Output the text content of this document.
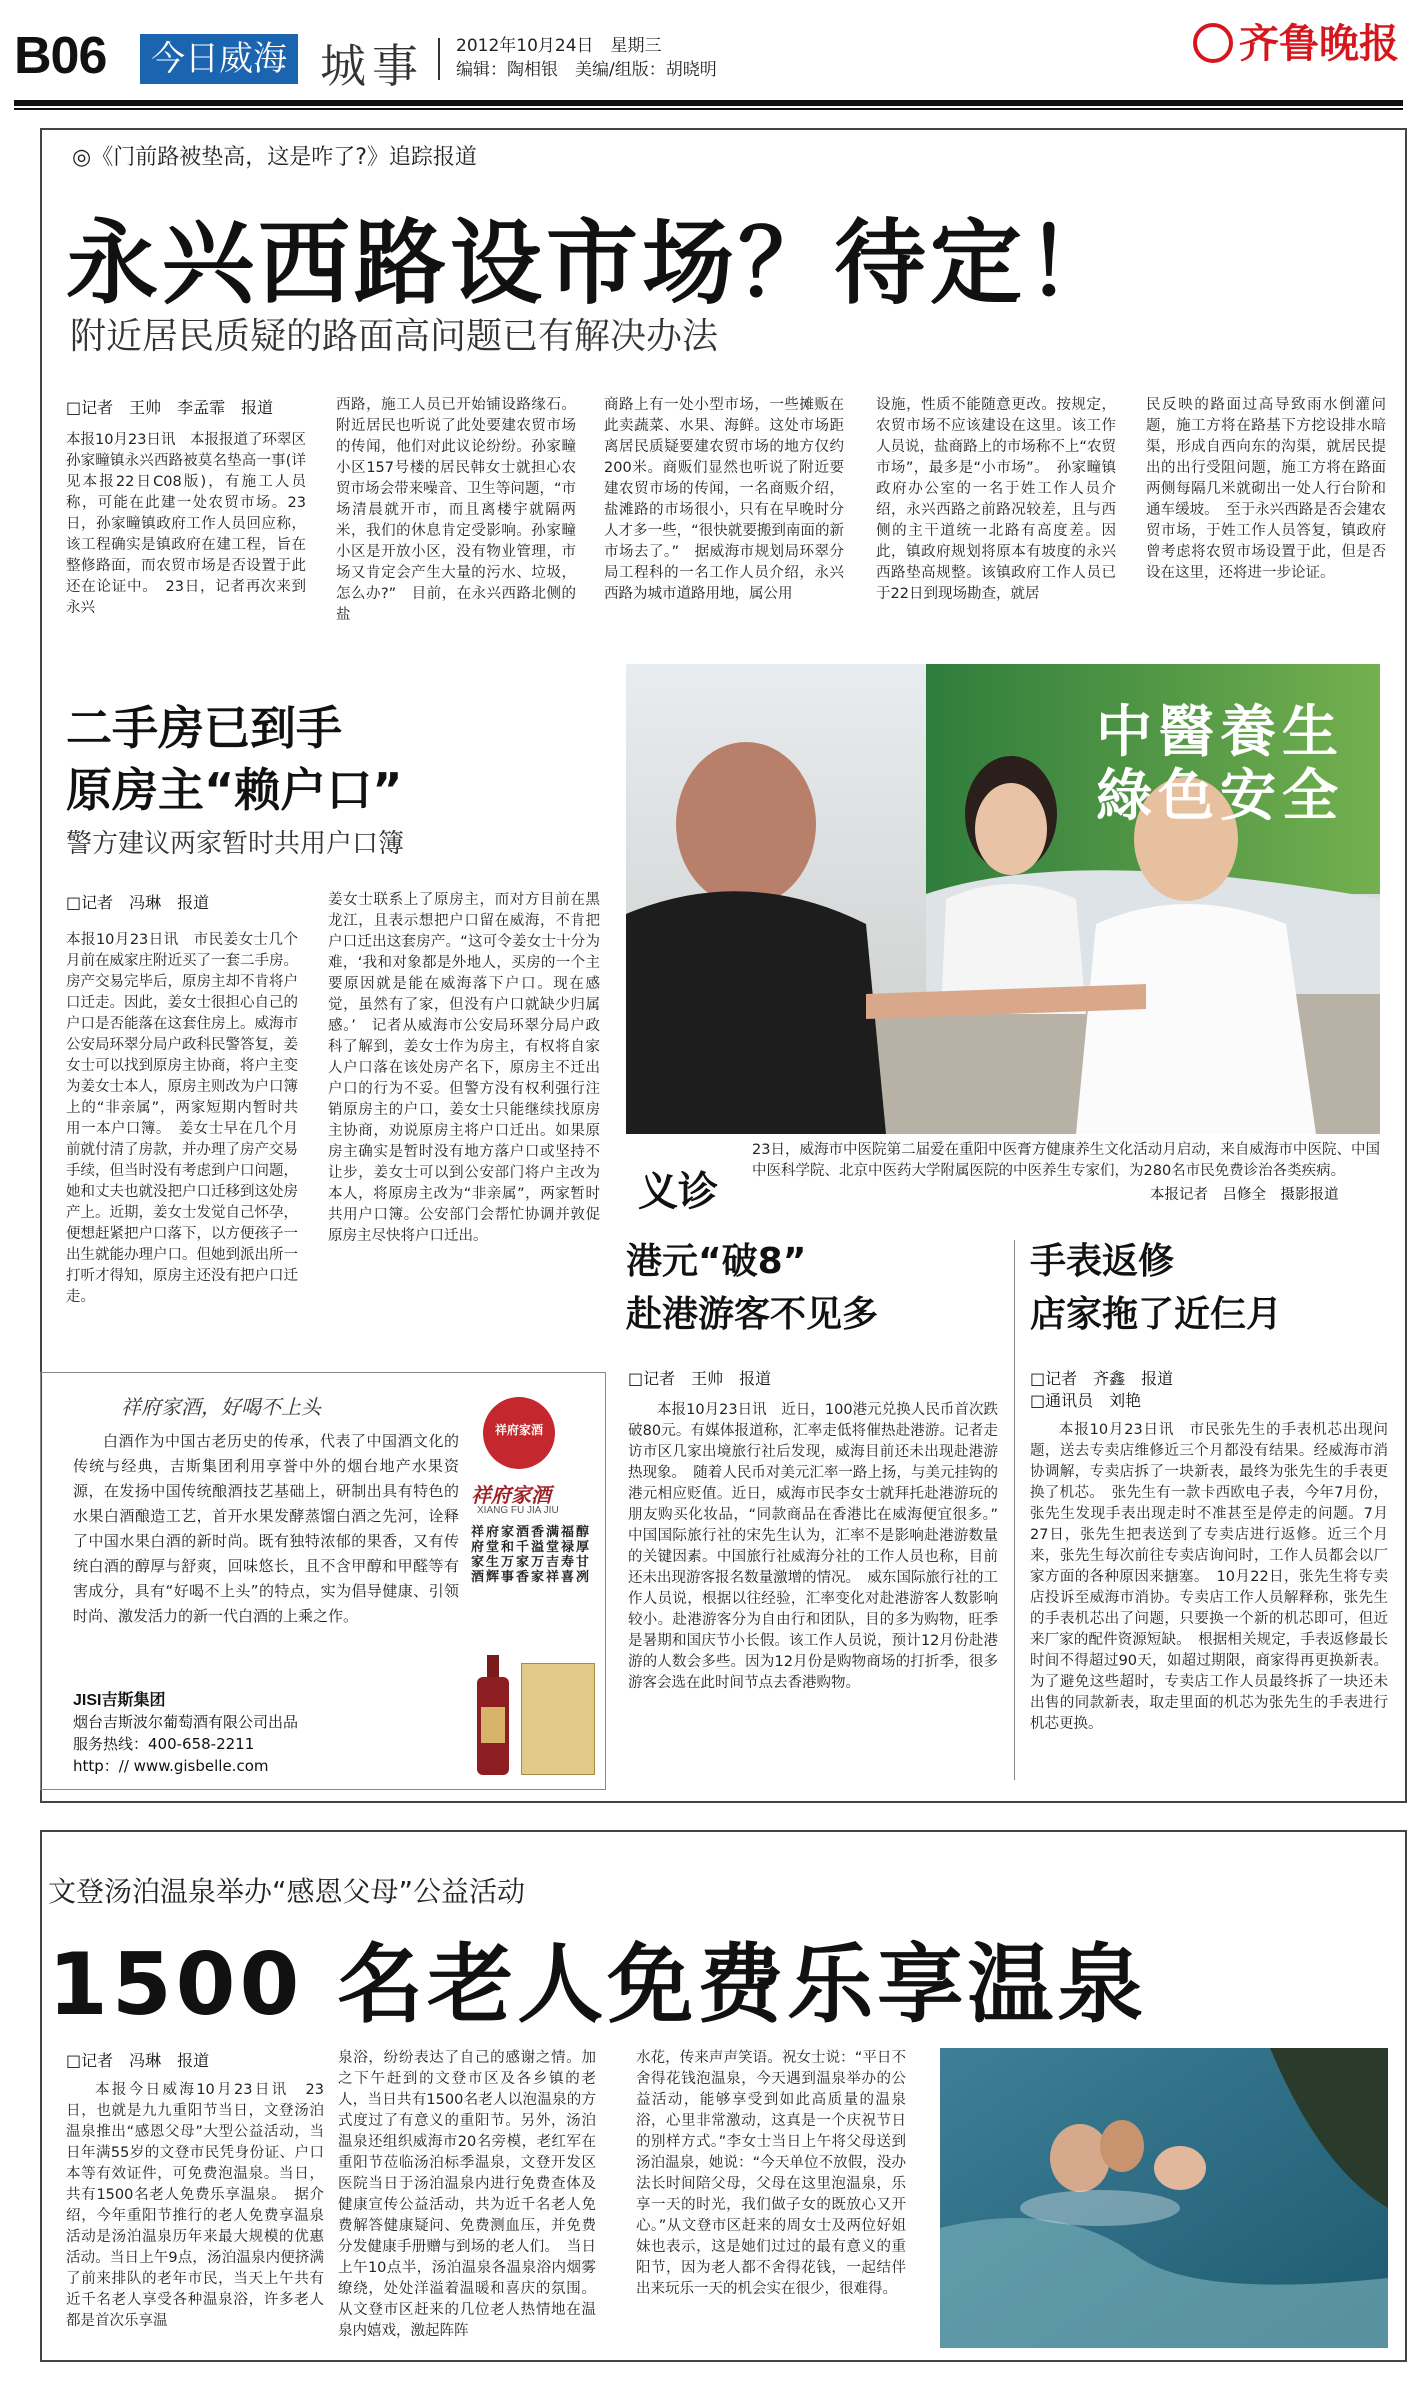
B06	今日威海 城事 2012年10月24日　星期三
编辑：陶相银　美编/组版：胡晓明
齐鲁晚报
◎《门前路被垫高，这是咋了?》追踪报道
永兴西路设市场？待定！
附近居民质疑的路面高问题已有解决办法
□记者　王帅　李孟霏　报道
本报10月23日讯　本报报道了环翠区孙家疃镇永兴西路被莫名垫高一事(详见本报22日C08版)，有施工人员称，可能在此建一处农贸市场。23日，孙家疃镇政府工作人员回应称，该工程确实是镇政府在建工程，旨在整修路面，而农贸市场是否设置于此还在论证中。　23日，记者再次来到永兴
西路，施工人员已开始铺设路缘石。附近居民也听说了此处要建农贸市场的传闻，他们对此议论纷纷。孙家疃小区157号楼的居民韩女士就担心农贸市场会带来噪音、卫生等问题，“市场清晨就开市，而且离楼宇就隔两米，我们的休息肯定受影响。孙家疃小区是开放小区，没有物业管理，市场又肯定会产生大量的污水、垃圾，怎么办?”　目前，在永兴西路北侧的盐
商路上有一处小型市场，一些摊贩在此卖蔬菜、水果、海鲜。这处市场距离居民质疑要建农贸市场的地方仅约200米。商贩们显然也听说了附近要建农贸市场的传闻，一名商贩介绍，盐滩路的市场很小，只有在早晚时分人才多一些，“很快就要搬到南面的新市场去了。”　据威海市规划局环翠分局工程科的一名工作人员介绍，永兴西路为城市道路用地，属公用
设施，性质不能随意更改。按规定，农贸市场不应该建设在这里。该工作人员说，盐商路上的市场称不上“农贸市场”，最多是“小市场”。　孙家疃镇政府办公室的一名于姓工作人员介绍，永兴西路之前路况较差，且与西侧的主干道统一北路有高度差。因此，镇政府规划将原本有坡度的永兴西路垫高规整。该镇政府工作人员已于22日到现场勘查，就居
民反映的路面过高导致雨水倒灌问题，施工方将在路基下方挖设排水暗渠，形成自西向东的沟渠，就居民提出的出行受阻问题，施工方将在路面两侧每隔几米就砌出一处人行台阶和通车缓坡。　至于永兴西路是否会建农贸市场，于姓工作人员答复，镇政府曾考虑将农贸市场设置于此，但是否设在这里，还将进一步论证。
二手房已到手
原房主“赖户口”
警方建议两家暂时共用户口簿
□记者　冯琳　报道
本报10月23日讯　市民姜女士几个月前在威家庄附近买了一套二手房。房产交易完毕后，原房主却不肯将户口迁走。因此，姜女士很担心自己的户口是否能落在这套住房上。威海市公安局环翠分局户政科民警答复，姜女士可以找到原房主协商，将户主变为姜女士本人，原房主则改为户口簿上的“非亲属”，两家短期内暂时共用一本户口簿。　姜女士早在几个月前就付清了房款，并办理了房产交易手续，但当时没有考虑到户口问题，她和丈夫也就没把户口迁移到这处房产上。近期，姜女士发觉自己怀孕，便想赶紧把户口落下，以方便孩子一出生就能办理户口。但她到派出所一打听才得知，原房主还没有把户口迁走。
姜女士联系上了原房主，而对方目前在黑龙江，且表示想把户口留在威海，不肯把户口迁出这套房产。“这可令姜女士十分为难，‘我和对象都是外地人，买房的一个主要原因就是能在威海落下户口。现在感觉，虽然有了家，但没有户口就缺少归属感。’　记者从威海市公安局环翠分局户政科了解到，姜女士作为房主，有权将自家人户口落在该处房产名下，原房主不迁出户口的行为不妥。但警方没有权利强行注销原房主的户口，姜女士只能继续找原房主协商，劝说原房主将户口迁出。如果原房主确实是暂时没有地方落户口或坚持不让步，姜女士可以到公安部门将户主改为本人，将原房主改为“非亲属”，两家暂时共用户口簿。公安部门会帮忙协调并敦促原房主尽快将户口迁出。
中醫養生 綠色安全
义诊
23日，威海市中医院第二届爱在重阳中医膏方健康养生文化活动月启动，来自威海市中医院、中国中医科学院、北京中医药大学附属医院的中医养生专家们，为280名市民免费诊治各类疾病。
本报记者　吕修全　摄影报道
港元“破8”
赴港游客不见多
□记者　王帅　报道
本报10月23日讯　近日，100港元兑换人民币首次跌破80元。有媒体报道称，汇率走低将催热赴港游。记者走访市区几家出境旅行社后发现，威海目前还未出现赴港游热现象。　随着人民币对美元汇率一路上扬，与美元挂钩的港元相应贬值。近日，威海市民李女士就拜托赴港游玩的朋友购买化妆品，“同款商品在香港比在威海便宜很多。”　中国国际旅行社的宋先生认为，汇率不是影响赴港游数量的关键因素。中国旅行社威海分社的工作人员也称，目前还未出现游客报名数量激增的情况。　威东国际旅行社的工作人员说，根据以往经验，汇率变化对赴港游客人数影响较小。赴港游客分为自由行和团队，目的多为购物，旺季是暑期和国庆节小长假。该工作人员说，预计12月份赴港游的人数会多些。因为12月份是购物商场的打折季，很多游客会选在此时间节点去香港购物。
手表返修
店家拖了近仨月
□记者　齐鑫　报道
□通讯员　刘艳
本报10月23日讯　市民张先生的手表机芯出现问题，送去专卖店维修近三个月都没有结果。经威海市消协调解，专卖店拆了一块新表，最终为张先生的手表更换了机芯。　张先生有一款卡西欧电子表，今年7月份，张先生发现手表出现走时不准甚至是停走的问题。7月27日，张先生把表送到了专卖店进行返修。近三个月来，张先生每次前往专卖店询问时，工作人员都会以厂家方面的各种原因来搪塞。　10月22日，张先生将专卖店投诉至威海市消协。专卖店工作人员解释称，张先生的手表机芯出了问题，只要换一个新的机芯即可，但近来厂家的配件资源短缺。　根据相关规定，手表返修最长时间不得超过90天，如超过期限，商家得再更换新表。为了避免这些超时，专卖店工作人员最终拆了一块还未出售的同款新表，取走里面的机芯为张先生的手表进行机芯更换。
祥府家酒，好喝不上头
白酒作为中国古老历史的传承，代表了中国酒文化的传统与经典，吉斯集团利用享誉中外的烟台地产水果资源，在发扬中国传统酿酒技艺基础上，研制出具有特色的水果白酒酿造工艺，首开水果发酵蒸馏白酒之先河，诠释了中国水果白酒的新时尚。既有独特浓郁的果香，又有传统白酒的醇厚与舒爽，回味悠长，且不含甲醇和甲醛等有害成分，具有“好喝不上头”的特点，实为倡导健康、引领时尚、激发活力的新一代白酒的上乘之作。
JISI吉斯集团
烟台吉斯波尔葡萄酒有限公司出品
服务热线：400-658-2211
http：// www.gisbelle.com
祥府家酒
祥府家酒
XIANG FU JIA JIU
祥府家酒
府堂生辉
家和万事
酒千家香
香溢万家
满堂吉祥
福禄寿喜
醇厚甘冽
文登汤泊温泉举办“感恩父母”公益活动
1500 名老人免费乐享温泉
□记者　冯琳　报道
本报今日威海10月23日讯　23日，也就是九九重阳节当日，文登汤泊温泉推出“感恩父母”大型公益活动，当日年满55岁的文登市民凭身份证、户口本等有效证件，可免费泡温泉。当日，共有1500名老人免费乐享温泉。　据介绍，今年重阳节推行的老人免费享温泉活动是汤泊温泉历年来最大规模的优惠活动。当日上午9点，汤泊温泉内便挤满了前来排队的老年市民，当天上午共有近千名老人享受各种温泉浴，许多老人都是首次乐享温
泉浴，纷纷表达了自己的感谢之情。加之下午赶到的文登市区及各乡镇的老人，当日共有1500名老人以泡温泉的方式度过了有意义的重阳节。另外，汤泊温泉还组织威海市20名旁模，老红军在重阳节莅临汤泊标季温泉，文登开发区医院当日于汤泊温泉内进行免费查体及健康宣传公益活动，共为近千名老人免费解答健康疑问、免费测血压，并免费分发健康手册赠与到场的老人们。　当日上午10点半，汤泊温泉各温泉浴内烟雾缭绕，处处洋溢着温暖和喜庆的氛围。从文登市区赶来的几位老人热情地在温泉内嬉戏，激起阵阵
水花，传来声声笑语。祝女士说：“平日不舍得花钱泡温泉，今天遇到温泉举办的公益活动，能够享受到如此高质量的温泉浴，心里非常激动，这真是一个庆祝节日的别样方式。”李女士当日上午将父母送到汤泊温泉，她说：“今天单位不放假，没办法长时间陪父母，父母在这里泡温泉，乐享一天的时光，我们做子女的既放心又开心。”从文登市区赶来的周女士及两位好姐妹也表示，这是她们过过的最有意义的重阳节，因为老人都不舍得花钱，一起结伴出来玩乐一天的机会实在很少，很难得。
